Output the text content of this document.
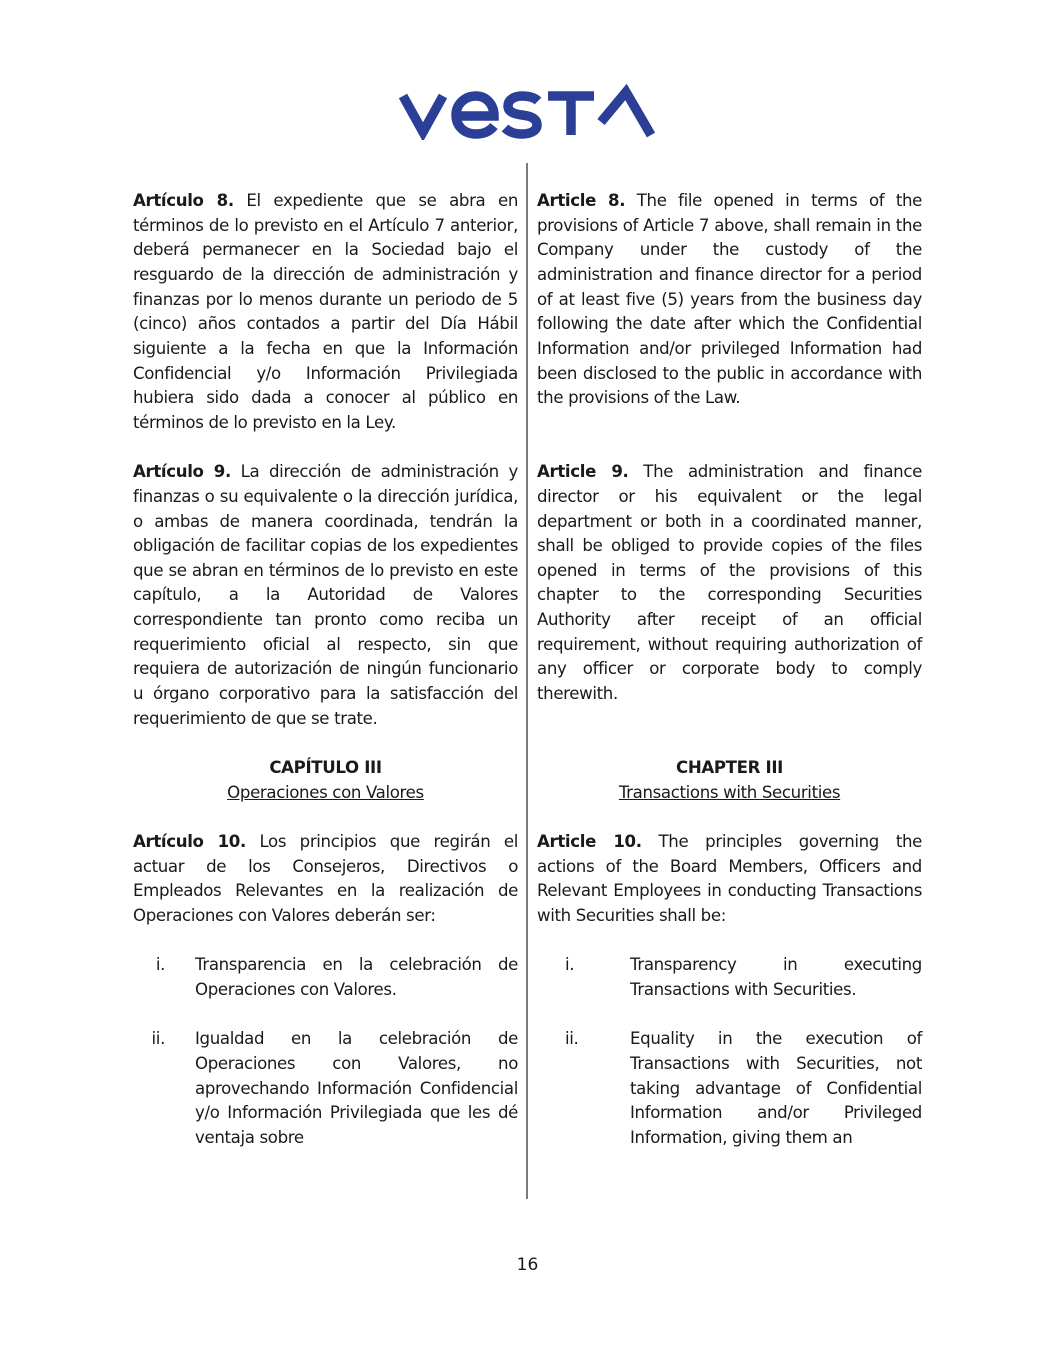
Artículo 8. El expediente que se abra en términos de lo previsto en el Artículo 7 anterior, deberá permanecer en la Sociedad bajo el resguardo de la dirección de administración y finanzas por lo menos durante un periodo de 5 (cinco) años contados a partir del Día Hábil siguiente a la fecha en que la Información Confidencial y/o Información Privilegiada hubiera sido dada a conocer al público en términos de lo previsto en la Ley.

Artículo 9. La dirección de administración y finanzas o su equivalente o la dirección jurídica, o ambas de manera coordinada, tendrán la obligación de facilitar copias de los expedientes que se abran en términos de lo previsto en este capítulo, a la Autoridad de Valores correspondiente tan pronto como reciba un requerimiento oficial al respecto, sin que requiera de autorización de ningún funcionario u órgano corporativo para la satisfacción del requerimiento de que se trate.

CAPÍTULO III
Operaciones con Valores

Artículo 10. Los principios que regirán el actuar de los Consejeros, Directivos o Empleados Relevantes en la realización de Operaciones con Valores deberán ser:

i.	Transparencia en la celebración de Operaciones con Valores.
ii.	Igualdad en la celebración de Operaciones con Valores, no aprovechando Información Confidencial y/o Información Privilegiada que les dé ventaja sobre

Article 8. The file opened in terms of the provisions of Article 7 above, shall remain in the Company under the custody of the administration and finance director for a period of at least five (5) years from the business day following the date after which the Confidential Information and/or privileged Information had been disclosed to the public in accordance with the provisions of the Law.

Article 9. The administration and finance director or his equivalent or the legal department or both in a coordinated manner, shall be obliged to provide copies of the files opened in terms of the provisions of this chapter to the corresponding Securities Authority after receipt of an official requirement, without requiring authorization of any officer or corporate body to comply therewith.

CHAPTER III
Transactions with Securities

Article 10. The principles governing the actions of the Board Members, Officers and Relevant Employees in conducting Transactions with Securities shall be:

i.	Transparency in executing Transactions with Securities.
ii.	Equality in the execution of Transactions with Securities, not taking advantage of Confidential Information and/or Privileged Information, giving them an
16
